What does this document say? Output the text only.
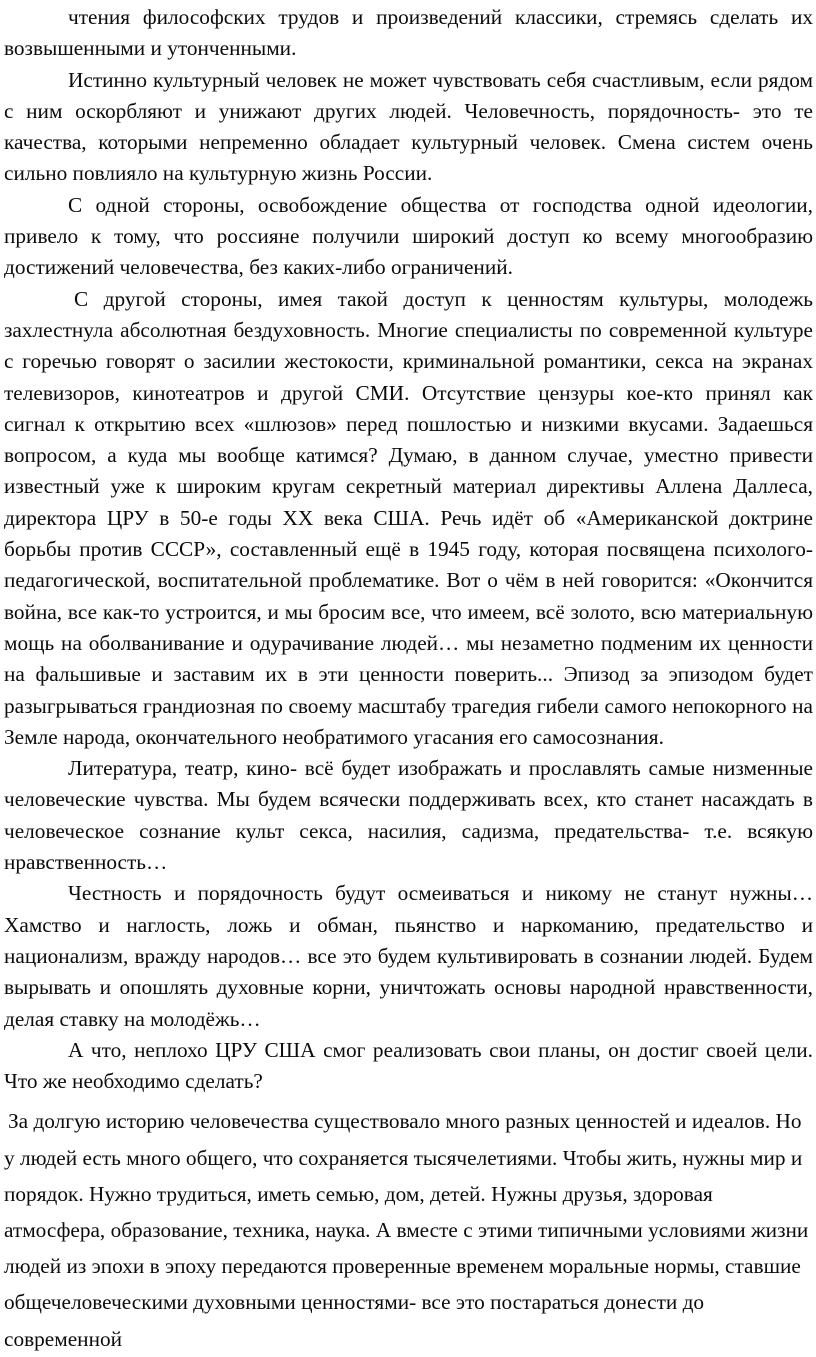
чтения философских трудов и произведений классики, стремясь сделать их возвышенными и утонченными.

Истинно культурный человек не может чувствовать себя счастливым, если рядом с ним оскорбляют и унижают других людей. Человечность, порядочность- это те качества, которыми непременно обладает культурный человек. Смена систем очень сильно повлияло на культурную жизнь России.

С одной стороны, освобождение общества от господства одной идеологии, привело к тому, что россияне получили широкий доступ ко всему многообразию достижений человечества, без каких-либо ограничений.

С другой стороны, имея такой доступ к ценностям культуры, молодежь захлестнула абсолютная бездуховность. Многие специалисты по современной культуре с горечью говорят о засилии жестокости, криминальной романтики, секса на экранах телевизоров, кинотеатров и другой СМИ. Отсутствие цензуры кое-кто принял как сигнал к открытию всех «шлюзов» перед пошлостью и низкими вкусами. Задаешься вопросом, а куда мы вообще катимся? Думаю, в данном случае, уместно привести известный уже к широким кругам секретный материал директивы Аллена Даллеса, директора ЦРУ в 50-е годы XX века США. Речь идёт об «Американской доктрине борьбы против СССР», составленный ещё в 1945 году, которая посвящена психолого-педагогической, воспитательной проблематике. Вот о чём в ней говорится: «Окончится война, все как-то устроится, и мы бросим все, что имеем, всё золото, всю материальную мощь на оболванивание и одурачивание людей… мы незаметно подменим их ценности на фальшивые и заставим их в эти ценности поверить... Эпизод за эпизодом будет разыгрываться грандиозная по своему масштабу трагедия гибели самого непокорного на Земле народа, окончательного необратимого угасания его самосознания.

Литература, театр, кино- всё будет изображать и прославлять самые низменные человеческие чувства. Мы будем всячески поддерживать всех, кто станет насаждать в человеческое сознание культ секса, насилия, садизма, предательства- т.е. всякую нравственность…

Честность и порядочность будут осмеиваться и никому не станут нужны… Хамство и наглость, ложь и обман, пьянство и наркоманию, предательство и национализм, вражду народов… все это будем культивировать в сознании людей. Будем вырывать и опошлять духовные корни, уничтожать основы народной нравственности, делая ставку на молодёжь…

А что, неплохо ЦРУ США смог реализовать свои планы, он достиг своей цели. Что же необходимо сделать?

За долгую историю человечества существовало много разных ценностей и идеалов. Но у людей есть много общего, что сохраняется тысячелетиями. Чтобы жить, нужны мир и порядок. Нужно трудиться, иметь семью, дом, детей. Нужны друзья, здоровая атмосфера, образование, техника, наука. А вместе с этими типичными условиями жизни людей из эпохи в эпоху передаются проверенные временем моральные нормы, ставшие общечеловеческими духовными ценностями- все это постараться донести до современной
